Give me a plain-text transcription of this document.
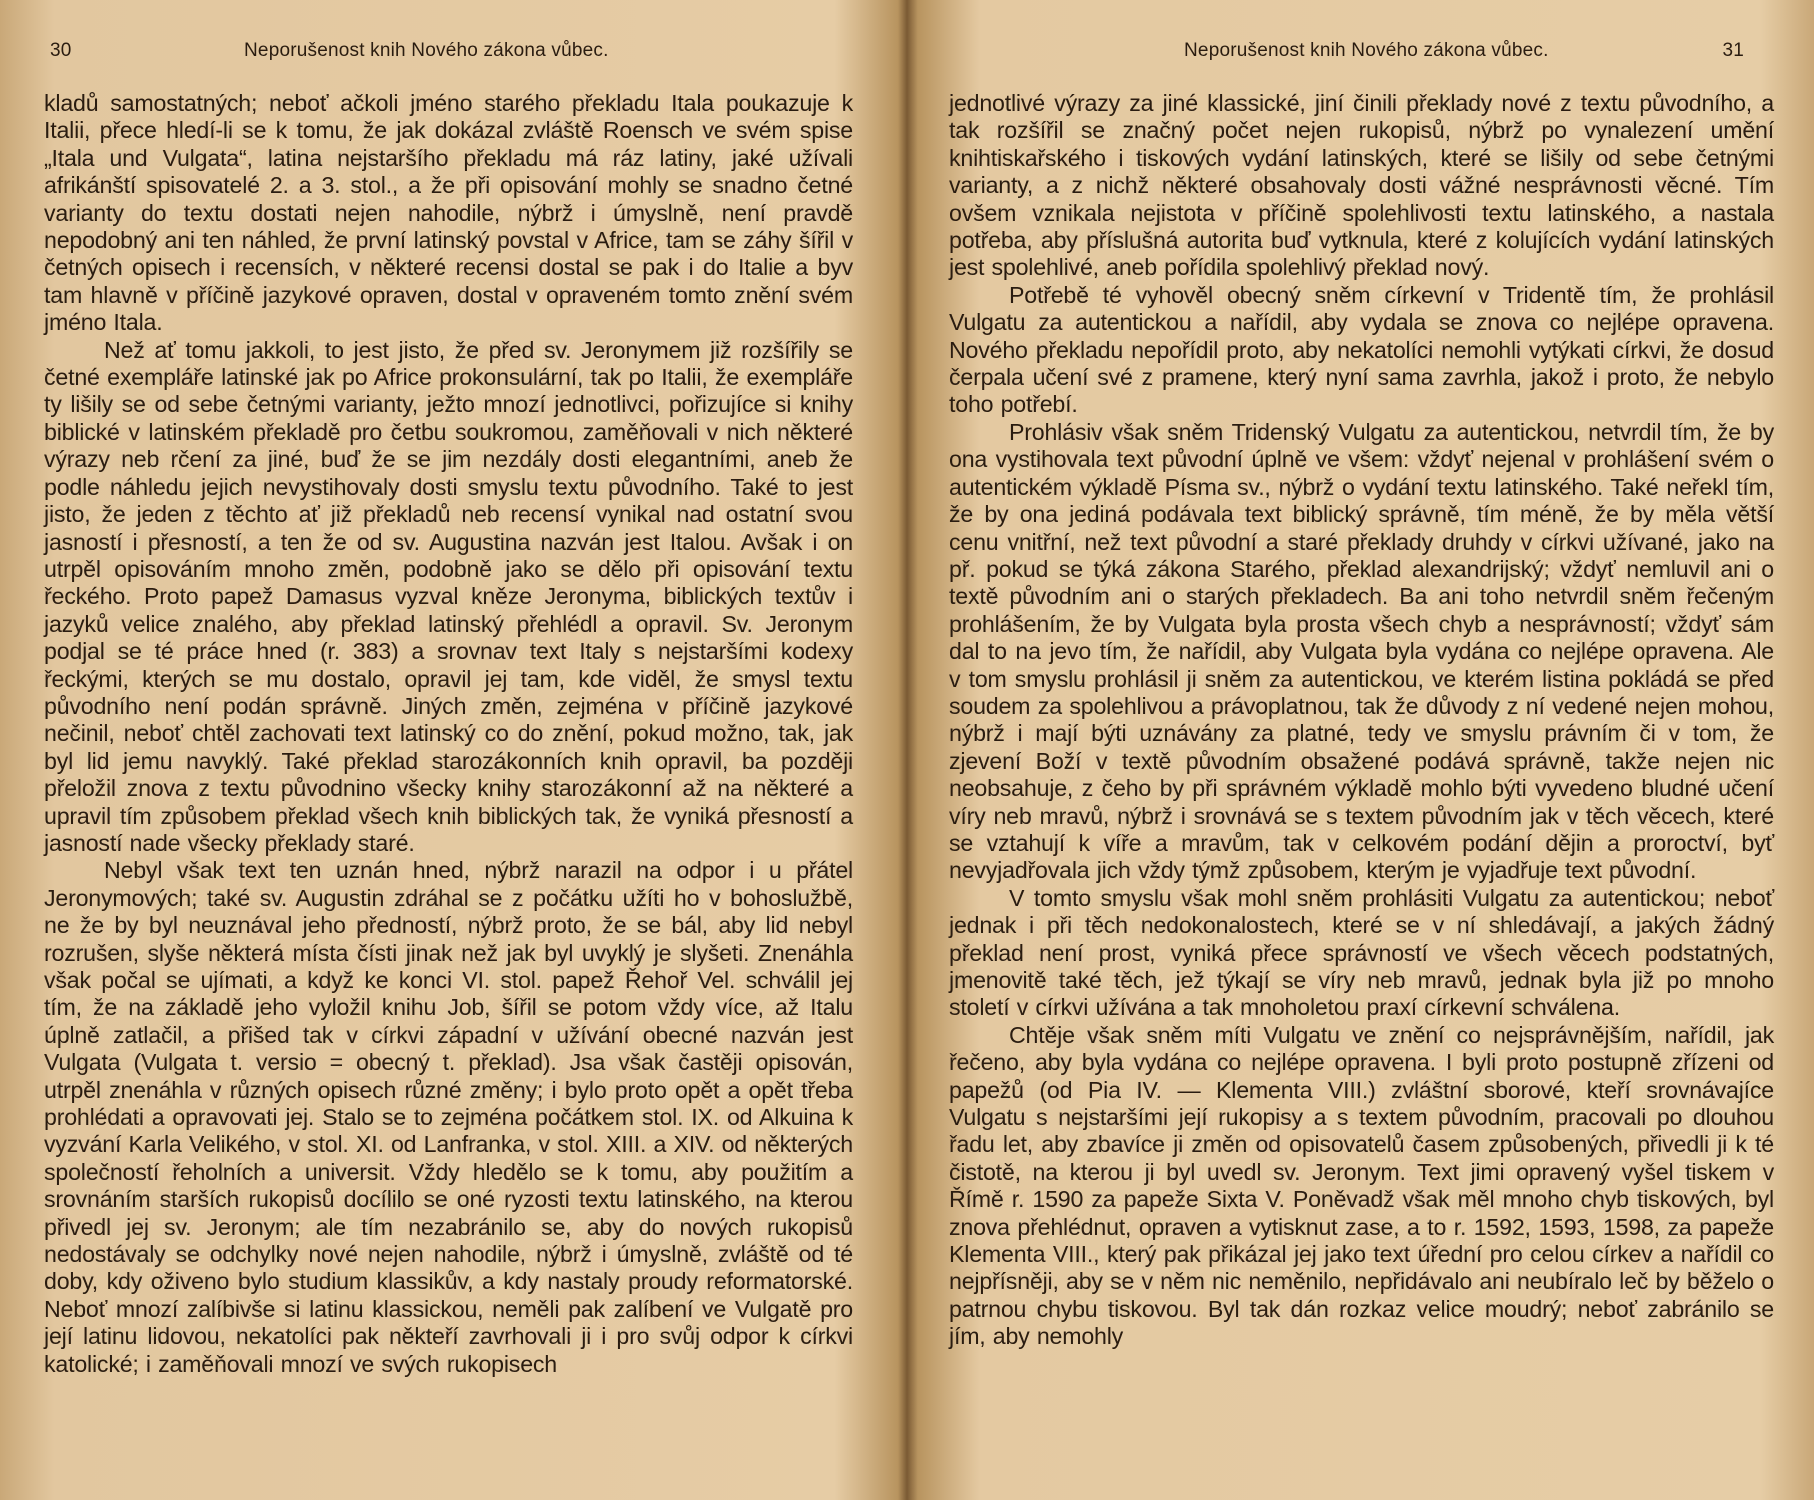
30	Neporušenost knih Nového zákona vůbec.

kladů samostatných; neboť ačkoli jméno starého překladu Itala poukazuje k Italii, přece hledí-li se k tomu, že jak dokázal zvláště Roensch ve svém spise „Itala und Vulgata“, latina nejstaršího překladu má ráz latiny, jaké užívali afrikánští spisovatelé 2. a 3. stol., a že při opisování mohly se snadno četné varianty do textu dostati nejen nahodile, nýbrž i úmyslně, není pravdě nepodobný ani ten náhled, že první latinský povstal v Africe, tam se záhy šířil v četných opisech i recensích, v některé recensi dostal se pak i do Italie a byv tam hlavně v příčině jazykové opraven, dostal v opraveném tomto znění svém jméno Itala.

Než ať tomu jakkoli, to jest jisto, že před sv. Jeronymem již rozšířily se četné exempláře latinské jak po Africe prokonsulární, tak po Italii, že exempláře ty lišily se od sebe četnými varianty, ježto mnozí jednotlivci, pořizujíce si knihy biblické v latinském překladě pro četbu soukromou, zaměňovali v nich některé výrazy neb rčení za jiné, buď že se jim nezdály dosti elegantními, aneb že podle náhledu jejich nevystihovaly dosti smyslu textu původního. Také to jest jisto, že jeden z těchto ať již překladů neb recensí vynikal nad ostatní svou jasností i přesností, a ten že od sv. Augustina nazván jest Italou. Avšak i on utrpěl opisováním mnoho změn, podobně jako se dělo při opisování textu řeckého. Proto papež Damasus vyzval kněze Jeronyma, biblických textův i jazyků velice znalého, aby překlad latinský přehlédl a opravil. Sv. Jeronym podjal se té práce hned (r. 383) a srovnav text Italy s nejstaršími kodexy řeckými, kterých se mu dostalo, opravil jej tam, kde viděl, že smysl textu původního není podán správně. Jiných změn, zejména v příčině jazykové nečinil, neboť chtěl zachovati text latinský co do znění, pokud možno, tak, jak byl lid jemu navyklý. Také překlad starozákonních knih opravil, ba později přeložil znova z textu původnino všecky knihy starozákonní až na některé a upravil tím způsobem překlad všech knih biblických tak, že vyniká přesností a jasností nade všecky překlady staré.

Nebyl však text ten uznán hned, nýbrž narazil na odpor i u přátel Jeronymových; také sv. Augustin zdráhal se z počátku užíti ho v bohoslužbě, ne že by byl neuznával jeho předností, nýbrž proto, že se bál, aby lid nebyl rozrušen, slyše některá místa čísti jinak než jak byl uvyklý je slyšeti. Znenáhla však počal se ujímati, a když ke konci VI. stol. papež Řehoř Vel. schválil jej tím, že na základě jeho vyložil knihu Job, šířil se potom vždy více, až Italu úplně zatlačil, a přišed tak v církvi západní v užívání obecné nazván jest Vulgata (Vulgata t. versio = obecný t. překlad). Jsa však častěji opisován, utrpěl znenáhla v různých opisech různé změny; i bylo proto opět a opět třeba prohlédati a opravovati jej. Stalo se to zejména počátkem stol. IX. od Alkuina k vyzvání Karla Velikého, v stol. XI. od Lanfranka, v stol. XIII. a XIV. od některých společností řeholních a universit. Vždy hledělo se k tomu, aby použitím a srovnáním starších rukopisů docílilo se oné ryzosti textu latinského, na kterou přivedl jej sv. Jeronym; ale tím nezabránilo se, aby do nových rukopisů nedostávaly se odchylky nové nejen nahodile, nýbrž i úmyslně, zvláště od té doby, kdy oživeno bylo studium klassikův, a kdy nastaly proudy reformatorské. Neboť mnozí zalíbivše si latinu klassickou, neměli pak zalíbení ve Vulgatě pro její latinu lidovou, nekatolíci pak někteří zavrhovali ji i pro svůj odpor k církvi katolické; i zaměňovali mnozí ve svých rukopisech

Neporušenost knih Nového zákona vůbec.	31

jednotlivé výrazy za jiné klassické, jiní činili překlady nové z textu původního, a tak rozšířil se značný počet nejen rukopisů, nýbrž po vynalezení umění knihtiskařského i tiskových vydání latinských, které se lišily od sebe četnými varianty, a z nichž některé obsahovaly dosti vážné nesprávnosti věcné. Tím ovšem vznikala nejistota v příčině spolehlivosti textu latinského, a nastala potřeba, aby příslušná autorita buď vytknula, které z kolujících vydání latinských jest spolehlivé, aneb pořídila spolehlivý překlad nový.

Potřebě té vyhověl obecný sněm církevní v Tridentě tím, že prohlásil Vulgatu za autentickou a nařídil, aby vydala se znova co nejlépe opravena. Nového překladu nepořídil proto, aby nekatolíci nemohli vytýkati církvi, že dosud čerpala učení své z pramene, který nyní sama zavrhla, jakož i proto, že nebylo toho potřebí.

Prohlásiv však sněm Tridenský Vulgatu za autentickou, netvrdil tím, že by ona vystihovala text původní úplně ve všem: vždyť nejenal v prohlášení svém o autentickém výkladě Písma sv., nýbrž o vydání textu latinského. Také neřekl tím, že by ona jediná podávala text biblický správně, tím méně, že by měla větší cenu vnitřní, než text původní a staré překlady druhdy v církvi užívané, jako na př. pokud se týká zákona Starého, překlad alexandrijský; vždyť nemluvil ani o textě původním ani o starých překladech. Ba ani toho netvrdil sněm řečeným prohlášením, že by Vulgata byla prosta všech chyb a nesprávností; vždyť sám dal to na jevo tím, že nařídil, aby Vulgata byla vydána co nejlépe opravena. Ale v tom smyslu prohlásil ji sněm za autentickou, ve kterém listina pokládá se před soudem za spolehlivou a právoplatnou, tak že důvody z ní vedené nejen mohou, nýbrž i mají býti uznávány za platné, tedy ve smyslu právním či v tom, že zjevení Boží v textě původním obsažené podává správně, takže nejen nic neobsahuje, z čeho by při správném výkladě mohlo býti vyvedeno bludné učení víry neb mravů, nýbrž i srovnává se s textem původním jak v těch věcech, které se vztahují k víře a mravům, tak v celkovém podání dějin a proroctví, byť nevyjadřovala jich vždy týmž způsobem, kterým je vyjadřuje text původní.

V tomto smyslu však mohl sněm prohlásiti Vulgatu za autentickou; neboť jednak i při těch nedokonalostech, které se v ní shledávají, a jakých žádný překlad není prost, vyniká přece správností ve všech věcech podstatných, jmenovitě také těch, jež týkají se víry neb mravů, jednak byla již po mnoho století v církvi užívána a tak mnoholetou praxí církevní schválena.

Chtěje však sněm míti Vulgatu ve znění co nejsprávnějším, nařídil, jak řečeno, aby byla vydána co nejlépe opravena. I byli proto postupně zřízeni od papežů (od Pia IV. — Klementa VIII.) zvláštní sborové, kteří srovnávajíce Vulgatu s nejstaršími její rukopisy a s textem původním, pracovali po dlouhou řadu let, aby zbavíce ji změn od opisovatelů časem způsobených, přivedli ji k té čistotě, na kterou ji byl uvedl sv. Jeronym. Text jimi opravený vyšel tiskem v Římě r. 1590 za papeže Sixta V. Poněvadž však měl mnoho chyb tiskových, byl znova přehlédnut, opraven a vytisknut zase, a to r. 1592, 1593, 1598, za papeže Klementa VIII., který pak přikázal jej jako text úřední pro celou církev a nařídil co nejpřísněji, aby se v něm nic neměnilo, nepřidávalo ani neubíralo leč by běželo o patrnou chybu tiskovou. Byl tak dán rozkaz velice moudrý; neboť zabránilo se jím, aby nemohly
